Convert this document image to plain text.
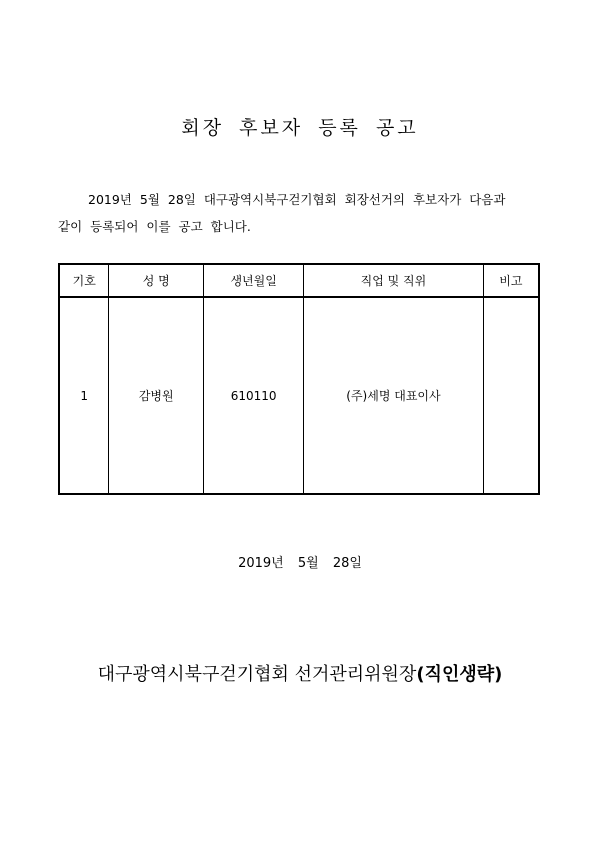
회장 후보자 등록 공고
2019년 5월 28일 대구광역시북구걷기협회 회장선거의 후보자가 다음과
같이 등록되어 이를 공고 합니다.
기호	성 명	생년월일	직업 및 직위	비고
1	감병원	610110	(주)세명 대표이사	
2019년 5월 28일
대구광역시북구걷기협회 선거관리위원장(직인생략)
